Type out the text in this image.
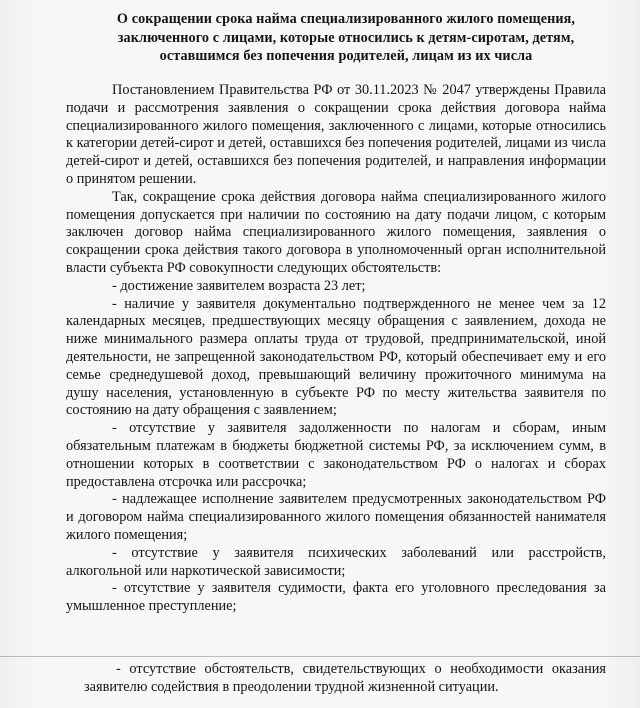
О сокращении срока найма специализированного жилого помещения, заключенного с лицами, которые относились к детям-сиротам, детям, оставшимся без попечения родителей, лицам из их числа

Постановлением Правительства РФ от 30.11.2023 № 2047 утверждены Правила подачи и рассмотрения заявления о сокращении срока действия договора найма специализированного жилого помещения, заключенного с лицами, которые относились к категории детей-сирот и детей, оставшихся без попечения родителей, лицами из числа детей-сирот и детей, оставшихся без попечения родителей, и направления информации о принятом решении.

Так, сокращение срока действия договора найма специализированного жилого помещения допускается при наличии по состоянию на дату подачи лицом, с которым заключен договор найма специализированного жилого помещения, заявления о сокращении срока действия такого договора в уполномоченный орган исполнительной власти субъекта РФ совокупности следующих обстоятельств:

- достижение заявителем возраста 23 лет;

- наличие у заявителя документально подтвержденного не менее чем за 12 календарных месяцев, предшествующих месяцу обращения с заявлением, дохода не ниже минимального размера оплаты труда от трудовой, предпринимательской, иной деятельности, не запрещенной законодательством РФ, который обеспечивает ему и его семье среднедушевой доход, превышающий величину прожиточного минимума на душу населения, установленную в субъекте РФ по месту жительства заявителя по состоянию на дату обращения с заявлением;

- отсутствие у заявителя задолженности по налогам и сборам, иным обязательным платежам в бюджеты бюджетной системы РФ, за исключением сумм, в отношении которых в соответствии с законодательством РФ о налогах и сборах предоставлена отсрочка или рассрочка;

- надлежащее исполнение заявителем предусмотренных законодательством РФ и договором найма специализированного жилого помещения обязанностей нанимателя жилого помещения;

- отсутствие у заявителя психических заболеваний или расстройств, алкогольной или наркотической зависимости;

- отсутствие у заявителя судимости, факта его уголовного преследования за умышленное преступление;

- отсутствие обстоятельств, свидетельствующих о необходимости оказания заявителю содействия в преодолении трудной жизненной ситуации.
